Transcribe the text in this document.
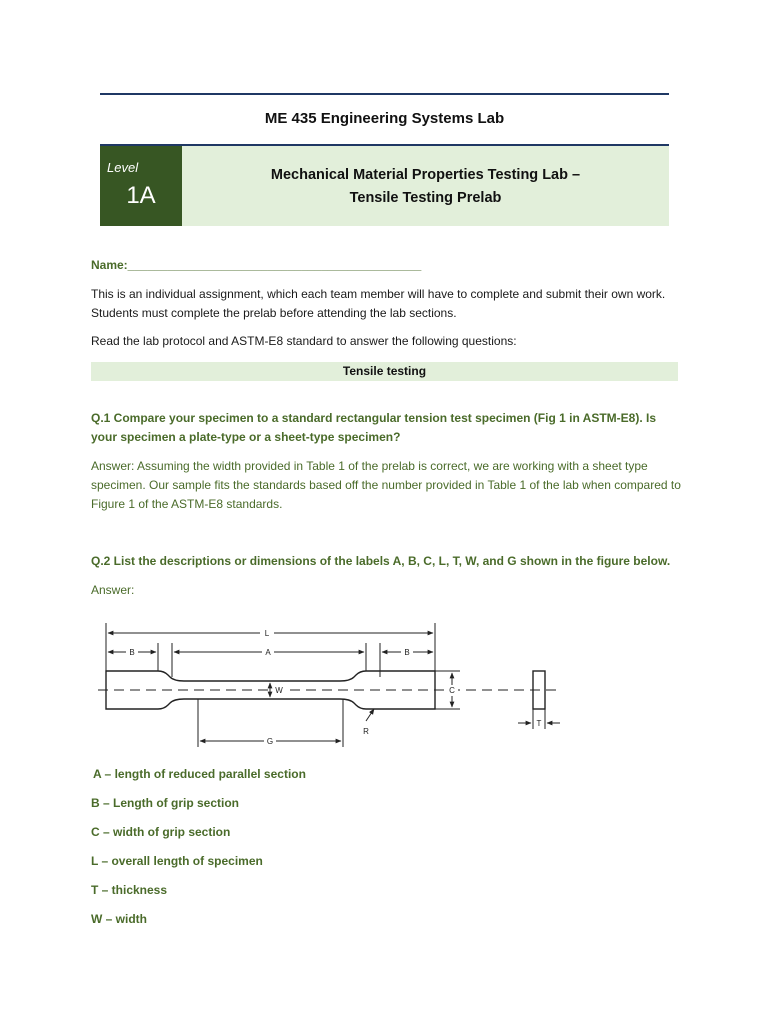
ME 435 Engineering Systems Lab
Level
1A
Mechanical Material Properties Testing Lab –
Tensile Testing Prelab
Name:____________________________________________
This is an individual assignment, which each team member will have to complete and submit their own work. Students must complete the prelab before attending the lab sections.
Read the lab protocol and ASTM-E8 standard to answer the following questions:
Tensile testing
Q.1 Compare your specimen to a standard rectangular tension test specimen (Fig 1 in ASTM-E8). Is your specimen a plate-type or a sheet-type specimen?
Answer: Assuming the width provided in Table 1 of the prelab is correct, we are working with a sheet type specimen. Our sample fits the standards based off the number provided in Table 1 of the lab when compared to Figure 1 of the ASTM-E8 standards.
Q.2 List the descriptions or dimensions of the labels A, B, C, L, T, W, and G shown in the figure below.
Answer:
L
B	A	B
W	C
R
G
T
A – length of reduced parallel section
B – Length of grip section
C – width of grip section
L – overall length of specimen
T – thickness
W – width
